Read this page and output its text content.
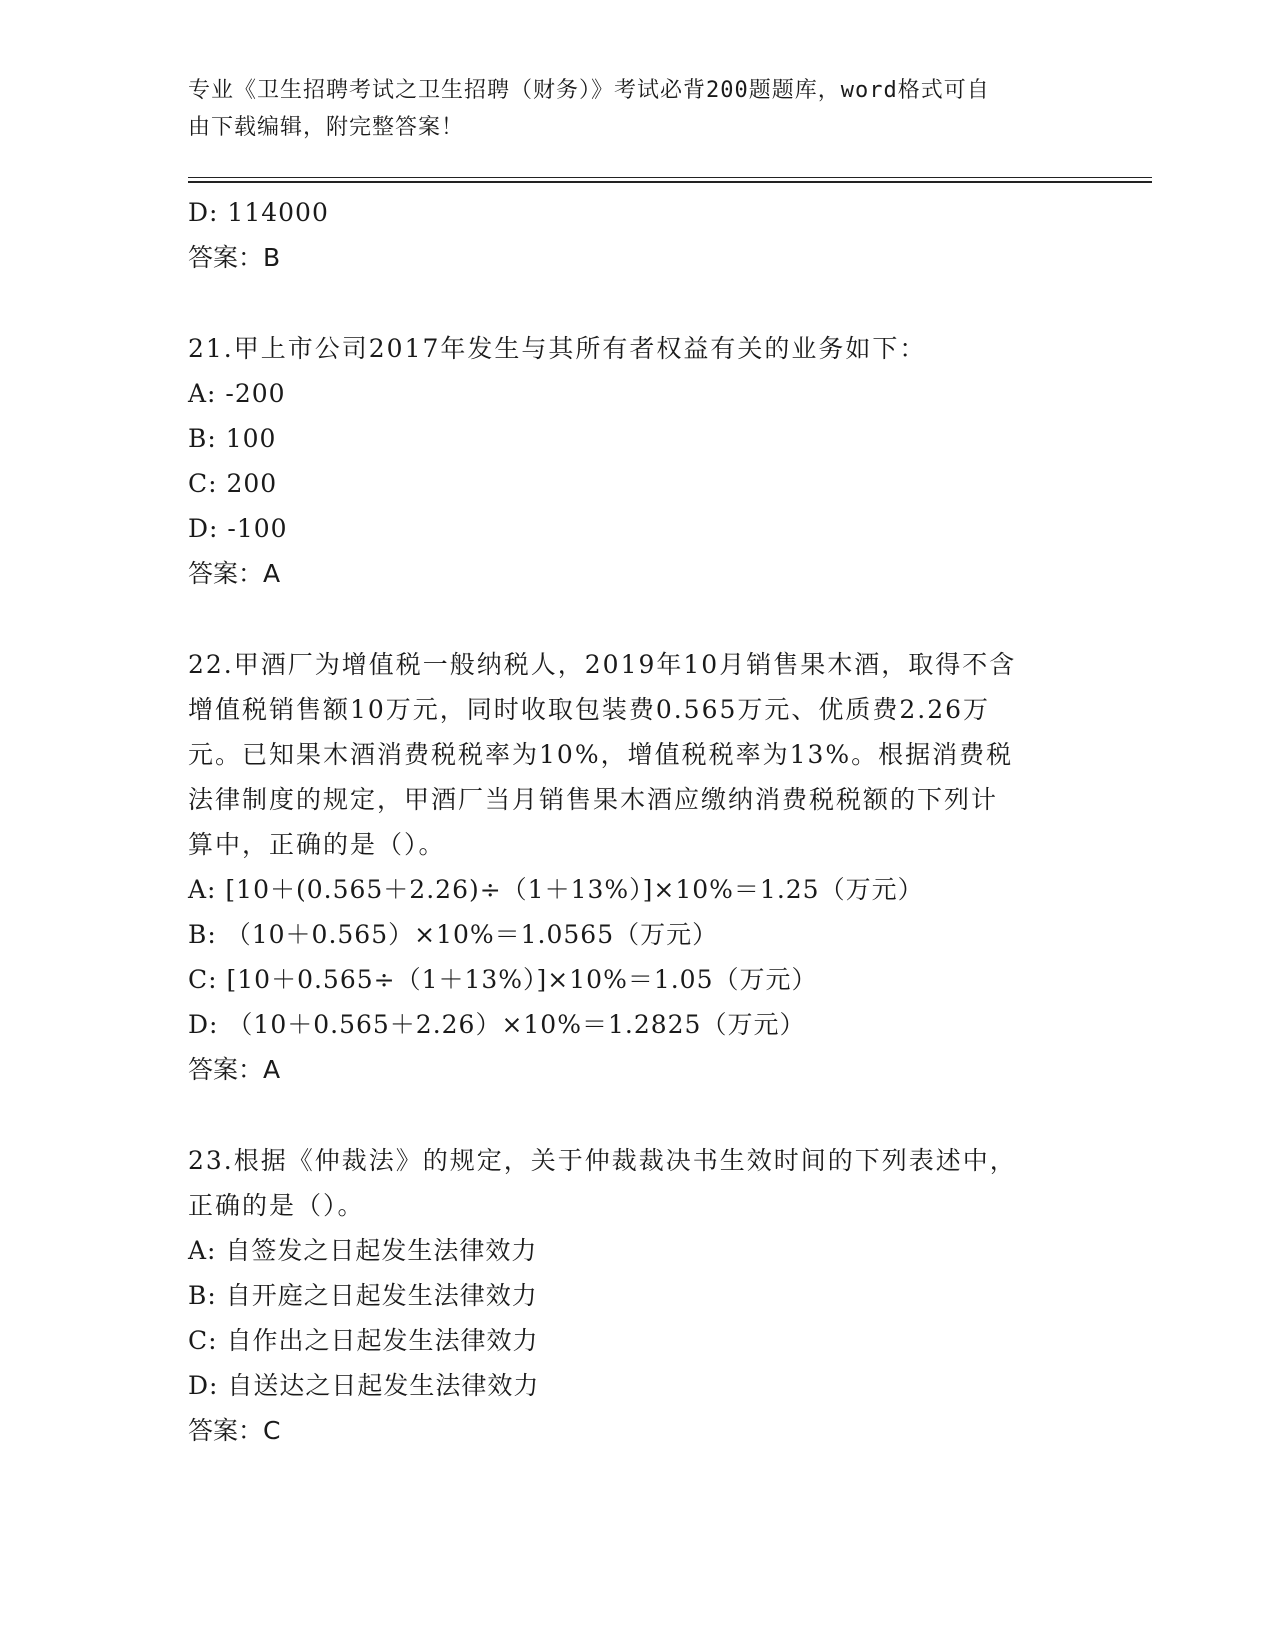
专业《卫生招聘考试之卫生招聘（财务）》考试必背200题题库，word格式可自
由下载编辑，附完整答案！
D: 114000
答案：B
21.甲上市公司2017年发生与其所有者权益有关的业务如下：
A: -200
B: 100
C: 200
D: -100
答案：A
22.甲酒厂为增值税一般纳税人，2019年10月销售果木酒，取得不含
增值税销售额10万元，同时收取包装费0.565万元、优质费2.26万
元。已知果木酒消费税税率为10%，增值税税率为13%。根据消费税
法律制度的规定，甲酒厂当月销售果木酒应缴纳消费税税额的下列计
算中，正确的是（）。
A: [10＋(0.565＋2.26)÷（1＋13%）]×10%＝1.25（万元）
B: （10＋0.565）×10%＝1.0565（万元）
C: [10＋0.565÷（1＋13%）]×10%＝1.05（万元）
D: （10＋0.565＋2.26）×10%＝1.2825（万元）
答案：A
23.根据《仲裁法》的规定，关于仲裁裁决书生效时间的下列表述中，
正确的是（）。
A: 自签发之日起发生法律效力
B: 自开庭之日起发生法律效力
C: 自作出之日起发生法律效力
D: 自送达之日起发生法律效力
答案：C
